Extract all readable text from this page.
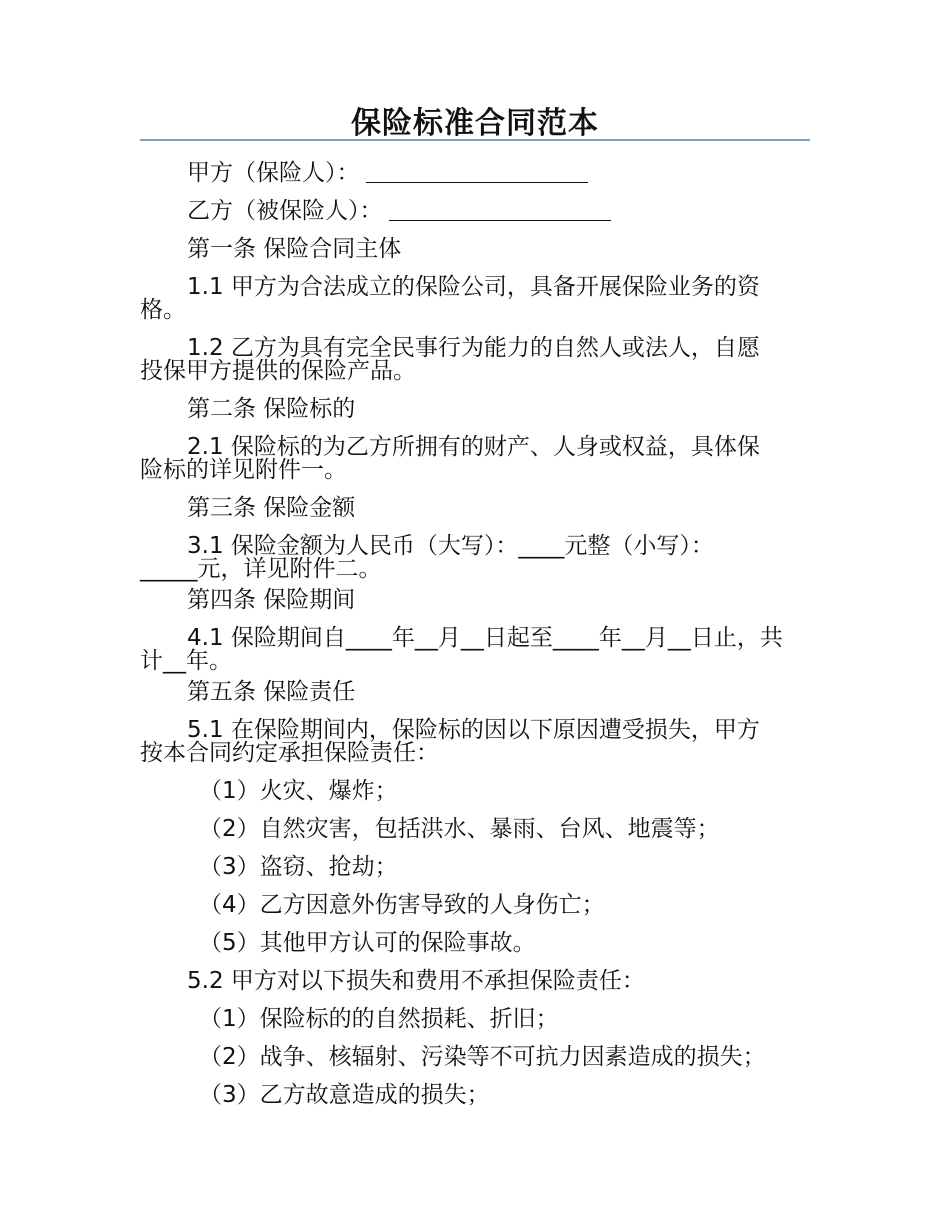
保险标准合同范本

甲方（保险人）：

乙方（被保险人）：

第一条 保险合同主体

1.1 甲方为合法成立的保险公司，具备开展保险业务的资

格。

1.2 乙方为具有完全民事行为能力的自然人或法人，自愿

投保甲方提供的保险产品。

第二条 保险标的

2.1 保险标的为乙方所拥有的财产、人身或权益，具体保

险标的详见附件一。

第三条 保险金额

3.1 保险金额为人民币（大写）：____元整（小写）：

_____元，详见附件二。

第四条 保险期间

4.1 保险期间自____年__月__日起至____年__月__日止，共

计__年。

第五条 保险责任

5.1 在保险期间内，保险标的因以下原因遭受损失，甲方

按本合同约定承担保险责任：

（1）火灾、爆炸；

（2）自然灾害，包括洪水、暴雨、台风、地震等；

（3）盗窃、抢劫；

（4）乙方因意外伤害导致的人身伤亡；

（5）其他甲方认可的保险事故。

5.2 甲方对以下损失和费用不承担保险责任：

（1）保险标的的自然损耗、折旧；

（2）战争、核辐射、污染等不可抗力因素造成的损失；

（3）乙方故意造成的损失；
